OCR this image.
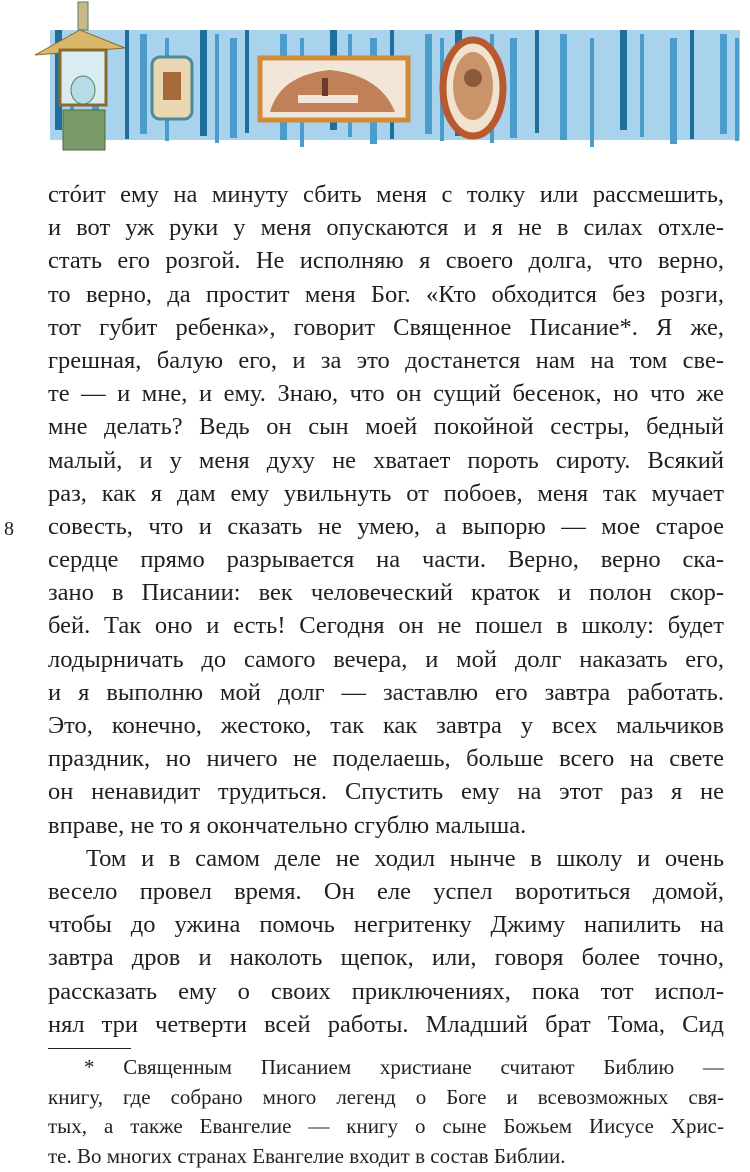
8
стóит ему на минуту сбить меня с толку или рассмешить,
и вот уж руки у меня опускаются и я не в силах отхле-
стать его розгой. Не исполняю я своего долга, что верно,
то верно, да простит меня Бог. «Кто обходится без розги,
тот губит ребенка», говорит Священное Писание*. Я же,
грешная, балую его, и за это достанется нам на том све-
те — и мне, и ему. Знаю, что он сущий бесенок, но что же
мне делать? Ведь он сын моей покойной сестры, бедный
малый, и у меня духу не хватает пороть сироту. Всякий
раз, как я дам ему увильнуть от побоев, меня так мучает
совесть, что и сказать не умею, а выпорю — мое старое
сердце прямо разрывается на части. Верно, верно ска-
зано в Писании: век человеческий краток и полон скор-
бей. Так оно и есть! Сегодня он не пошел в школу: будет
лодырничать до самого вечера, и мой долг наказать его,
и я выполню мой долг — заставлю его завтра работать.
Это, конечно, жестоко, так как завтра у всех мальчиков
праздник, но ничего не поделаешь, больше всего на свете
он ненавидит трудиться. Спустить ему на этот раз я не
вправе, не то я окончательно сгублю малыша.
Том и в самом деле не ходил нынче в школу и очень
весело провел время. Он еле успел воротиться домой,
чтобы до ужина помочь негритенку Джиму напилить на
завтра дров и наколоть щепок, или, говоря более точно,
рассказать ему о своих приключениях, пока тот испол-
нял три четверти всей работы. Младший брат Тома, Сид
* Священным Писанием христиане считают Библию —
книгу, где собрано много легенд о Боге и всевозможных свя-
тых, а также Евангелие — книгу о сыне Божьем Иисусе Хрис-
те. Во многих странах Евангелие входит в состав Библии.
